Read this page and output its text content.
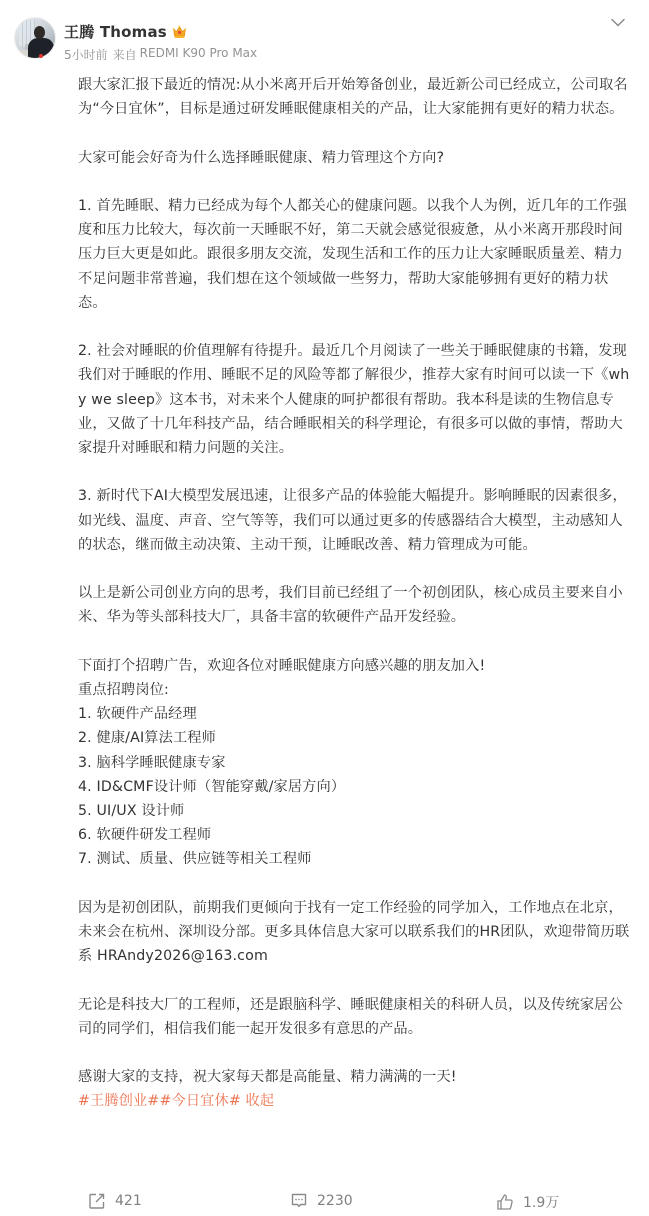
王腾 Thomas
5小时前 来自 REDMI K90 Pro Max
跟大家汇报下最近的情况:从小米离开后开始筹备创业，最近新公司已经成立，公司取名为“今日宜休”，目标是通过研发睡眠健康相关的产品，让大家能拥有更好的精力状态。
大家可能会好奇为什么选择睡眠健康、精力管理这个方向?
1. 首先睡眠、精力已经成为每个人都关心的健康问题。以我个人为例，近几年的工作强度和压力比较大，每次前一天睡眠不好，第二天就会感觉很疲惫，从小米离开那段时间压力巨大更是如此。跟很多朋友交流，发现生活和工作的压力让大家睡眠质量差、精力不足问题非常普遍，我们想在这个领域做一些努力，帮助大家能够拥有更好的精力状态。
2. 社会对睡眠的价值理解有待提升。最近几个月阅读了一些关于睡眠健康的书籍，发现我们对于睡眠的作用、睡眠不足的风险等都了解很少，推荐大家有时间可以读一下《why we sleep》这本书，对未来个人健康的呵护都很有帮助。我本科是读的生物信息专业，又做了十几年科技产品，结合睡眠相关的科学理论，有很多可以做的事情，帮助大家提升对睡眠和精力问题的关注。
3. 新时代下AI大模型发展迅速，让很多产品的体验能大幅提升。影响睡眠的因素很多，如光线、温度、声音、空气等等，我们可以通过更多的传感器结合大模型，主动感知人的状态，继而做主动决策、主动干预，让睡眠改善、精力管理成为可能。
以上是新公司创业方向的思考，我们目前已经组了一个初创团队，核心成员主要来自小米、华为等头部科技大厂，具备丰富的软硬件产品开发经验。
下面打个招聘广告，欢迎各位对睡眠健康方向感兴趣的朋友加入!
重点招聘岗位:
1. 软硬件产品经理
2. 健康/AI算法工程师
3. 脑科学睡眠健康专家
4. ID&CMF设计师（智能穿戴/家居方向）
5. UI/UX 设计师
6. 软硬件研发工程师
7. 测试、质量、供应链等相关工程师
因为是初创团队，前期我们更倾向于找有一定工作经验的同学加入，工作地点在北京，未来会在杭州、深圳设分部。更多具体信息大家可以联系我们的HR团队，欢迎带简历联系 HRAndy2026@163.com
无论是科技大厂的工程师，还是跟脑科学、睡眠健康相关的科研人员，以及传统家居公司的同学们，相信我们能一起开发很多有意思的产品。
感谢大家的支持，祝大家每天都是高能量、精力满满的一天!
#王腾创业##今日宜休# 收起
421	2230	1.9万
